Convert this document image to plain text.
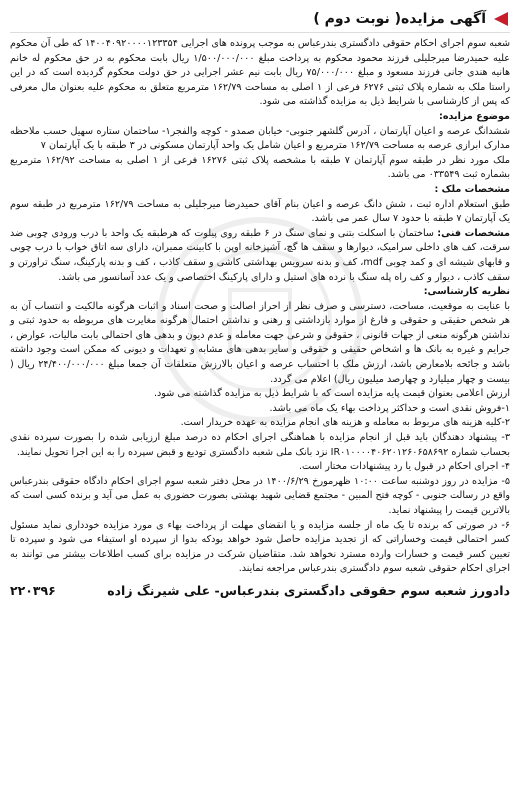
آگهی مزایده( نوبت دوم )

شعبه سوم اجرای احکام حقوقی دادگستری بندرعباس به موجب پرونده های اجرایی ۱۴۰۰۴۰۹۲۰۰۰۰۱۲۳۳۵۴ که طی آن محکوم علیه حمیدرضا میرجلیلی فرزند محمود محکوم به پرداخت مبلغ ۱/۵۰۰/۰۰۰/۰۰۰ ریال بابت محکوم به در حق محکوم له خانم هانیه هندی جانی فرزند مسعود و مبلغ ۷۵/۰۰۰/۰۰۰ ریال بابت نیم عشر اجرایی در حق دولت محکوم گردیده است که در این راستا ملک به شماره پلاک ثبتی ۶۲۷۶ فرعی از ۱ اصلی به مساحت ۱۶۲/۷۹ مترمربع متعلق به محکوم علیه بعنوان مال معرفی که پس از کارشناسی با شرایط ذیل به مزایده گذاشته می شود.

موضوع مزایده:

ششدانگ عرصه و اعیان آپارتمان ، آدرس گلشهر جنوبی- خیابان صمدو - کوچه والفجر۱- ساختمان ستاره سهیل حسب ملاحظه مدارک ابرازی عرصه به مساحت ۱۶۲/۷۹ مترمربع و اعیان شامل یک واحد آپارتمان مسکونی در ۳ طبقه با یک آپارتمان ۷

ملک مورد نظر در طبقه سوم آپارتمان ۷ طبقه با مشخصه پلاک ثبتی ۱۶۲۷۶ فرعی از ۱ اصلی به مساحت ۱۶۲/۹۲ مترمربع بشماره ثبت ۰۳۳۵۴۹ می باشد.

مشخصات ملک :

طبق استعلام اداره ثبت ، شش دانگ عرصه و اعیان بنام آقای حمیدرضا میرجلیلی به مساحت ۱۶۲/۷۹ مترمربع در طبقه سوم یک آپارتمان ۷ طبقه با حدود ۷ سال عمر می باشد.

مشخصات فنی: ساختمان با اسکلت بتنی و نمای سنگ در ۶ طبقه روی پیلوت که هرطبقه یک واحد با درب ورودی چوبی ضد سرقت، کف های داخلی سرامیک، دیوارها و سقف ها گچ، آشپزخانه اوپن با کابینت ممبران، دارای سه اتاق خواب با درب چوبی و قابهای شیشه ای و کمد چوبی mdf، کف و بدنه سرویس بهداشتی کاشی و سقف کاذب ، کف و بدنه پارکینگ، سنگ تراورتن و سقف کاذب ، دیوار و کف راه پله سنگ با نرده های استیل و دارای پارکینگ اختصاصی و یک عدد آسانسور می باشد.

نظریه کارشناسی:

با عنایت به موقعیت، مساحت، دسترسی و صرف نظر از احراز اصالت و صحت اسناد و اثبات هرگونه مالکیت و انتساب آن به هر شخص حقیقی و حقوقی و فارغ از موارد بازداشتی و رهنی و نداشتن احتمال هرگونه مغایرت های مربوطه به حدود ثبتی و نداشتن هرگونه منعی از جهات قانونی ، حقوقی و شرعی جهت معامله و عدم دیون و بدهی های احتمالی بابت مالیات، عوارض ، جرایم و غیره به بانک ها و اشخاص حقیقی و حقوقی و سایر بدهی های مشابه و تعهدات و دیونی که ممکن است وجود داشته باشد و جائحه بلامعارض باشد، ارزش ملک با احتساب عرصه و اعیان بالارزش متعلقات آن جمعا مبلغ ۲۴/۴۰۰/۰۰۰/۰۰۰ ریال ( بیست و چهار میلیارد و چهارصد میلیون ریال) اعلام می گردد.

ارزش اعلامی بعنوان قیمت پایه مزایده است که با شرایط ذیل به مزایده گذاشته می شود.

۱-فروش نقدی است و حداکثر پرداخت بهاء یک ماه می باشد.

۲-کلیه هزینه های مربوط به معامله و هزینه های انجام مزایده به عهده خریدار است.

۳- پیشنهاد دهندگان باید قبل از انجام مزایده با هماهنگی اجرای احکام ده درصد مبلغ ارزیابی شده را بصورت سپرده نقدی بحساب شماره IR۰۱۰۰۰۰۴۰۶۲۰۱۲۶۰۶۵۸۶۹۲ نزد بانک ملی شعبه دادگستری تودیع و قبض سپرده را به این اجرا تحویل نمایند.

۴- اجرای احکام در قبول یا رد پیشنهادات مختار است.

۵- مزایده در روز دوشنبه ساعت ۱۰:۰۰ ظهرمورخ ۱۴۰۰/۶/۲۹ در محل دفتر شعبه سوم اجرای احکام دادگاه حقوقی بندرعباس واقع در رسالت جنوبی - کوچه فتح المبین - مجتمع قضایی شهید بهشتی بصورت حضوری به عمل می آید و برنده کسی است که بالاترین قیمت را پیشنهاد نماید.

۶- در صورتی که برنده تا یک ماه از جلسه مزایده و یا انقضای مهلت از پرداخت بهاء ی مورد مزایده خودداری نماید مسئول کسر احتمالی قیمت وخساراتی که از تجدید مزایده حاصل شود خواهد بودکه بدوا از سپرده او استیفاء می شود و سپرده تا تعیین کسر قیمت و خسارات وارده مسترد نخواهد شد. متقاضیان شرکت در مزایده برای کسب اطلاعات بیشتر می توانند به اجرای احکام حقوقی شعبه سوم دادگستری بندرعباس مراجعه نمایند.

دادورز شعبه سوم حقوقی دادگستری بندرعباس- علی شیرنگ زاده
۲۲۰۳۹۶
